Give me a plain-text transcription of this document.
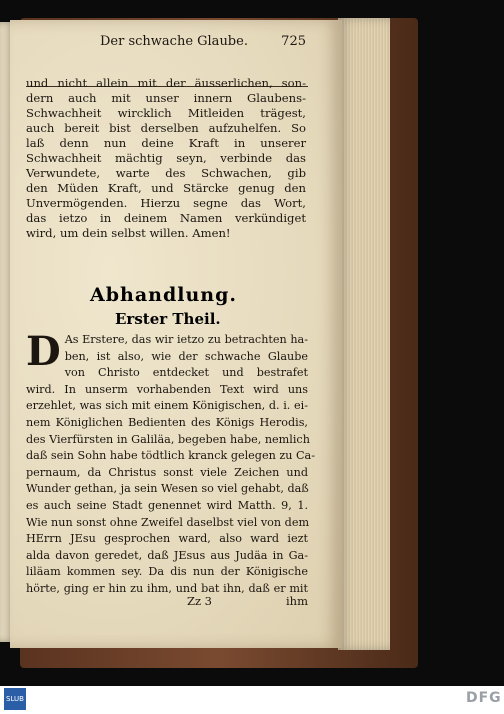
Der schwache Glaube.	725
und nicht allein mit der äusserlichen, son-
dern auch mit unser innern Glaubens-
Schwachheit wircklich Mitleiden trägest,
auch bereit bist derselben aufzuhelfen. So
laß denn nun deine Kraft in unserer
Schwachheit mächtig seyn, verbinde das
Verwundete, warte des Schwachen, gib
den Müden Kraft, und Stärcke genug den
Unvermögenden. Hierzu segne das Wort,
das ietzo in deinem Namen verkündiget
wird, um dein selbst willen. Amen!
Abhandlung.
Erster Theil.
D As Erstere, das wir ietzo zu betrachten ha-
ben, ist also, wie der schwache Glaube
von Christo entdecket und bestrafet
wird. In unserm vorhabenden Text wird uns
erzehlet, was sich mit einem Königischen, d. i. ei-
nem Königlichen Bedienten des Königs Herodis,
des Vierfürsten in Galiläa, begeben habe, nemlich
daß sein Sohn habe tödtlich kranck gelegen zu Ca-
pernaum, da Christus sonst viele Zeichen und
Wunder gethan, ja sein Wesen so viel gehabt, daß
es auch seine Stadt genennet wird Matth. 9, 1.
Wie nun sonst ohne Zweifel daselbst viel von dem
HErrn JEsu gesprochen ward, also ward iezt
alda davon geredet, daß JEsus aus Judäa in Ga-
liläam kommen sey. Da dis nun der Königische
hörte, ging er hin zu ihm, und bat ihn, daß er mit
Zz 3	ihm
SLUB	DFG
